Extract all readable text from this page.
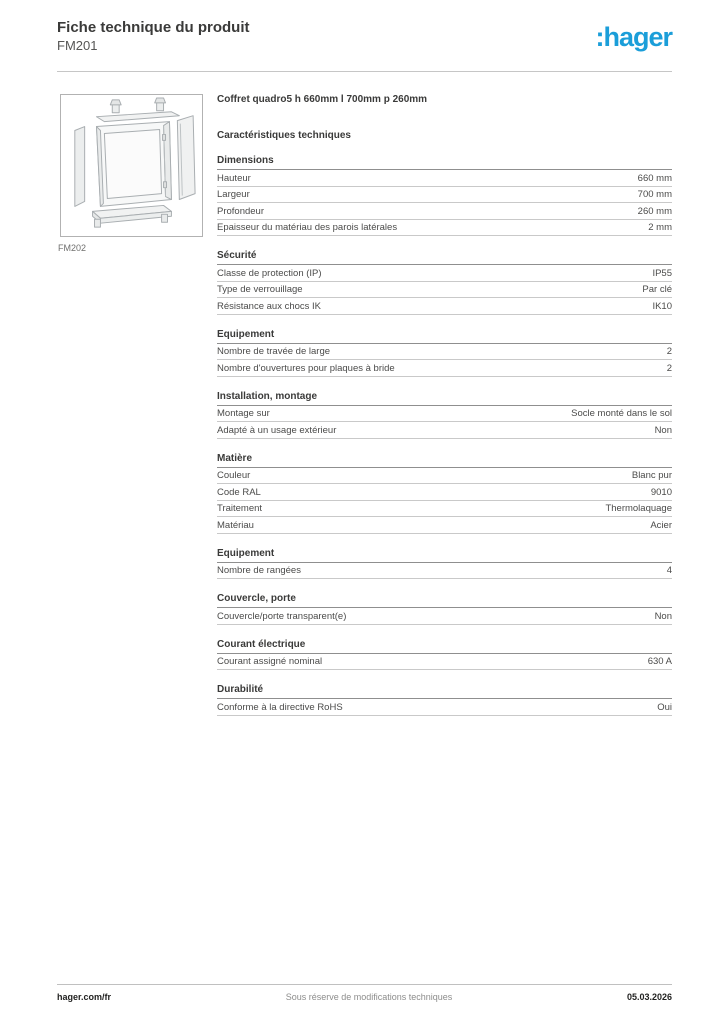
Fiche technique du produit
FM201	:hager
FM202
Coffret quadro5 h 660mm l 700mm p 260mm
Caractéristiques techniques
Dimensions
Hauteur	660 mm
Largeur	700 mm
Profondeur	260 mm
Epaisseur du matériau des parois latérales	2 mm
Sécurité
Classe de protection (IP)	IP55
Type de verrouillage	Par clé
Résistance aux chocs IK	IK10
Equipement
Nombre de travée de large	2
Nombre d'ouvertures pour plaques à bride	2
Installation, montage
Montage sur	Socle monté dans le sol
Adapté à un usage extérieur	Non
Matière
Couleur	Blanc pur
Code RAL	9010
Traitement	Thermolaquage
Matériau	Acier
Equipement
Nombre de rangées	4
Couvercle, porte
Couvercle/porte transparent(e)	Non
Courant électrique
Courant assigné nominal	630 A
Durabilité
Conforme à la directive RoHS	Oui
hager.com/fr	Sous réserve de modifications techniques	05.03.2026
